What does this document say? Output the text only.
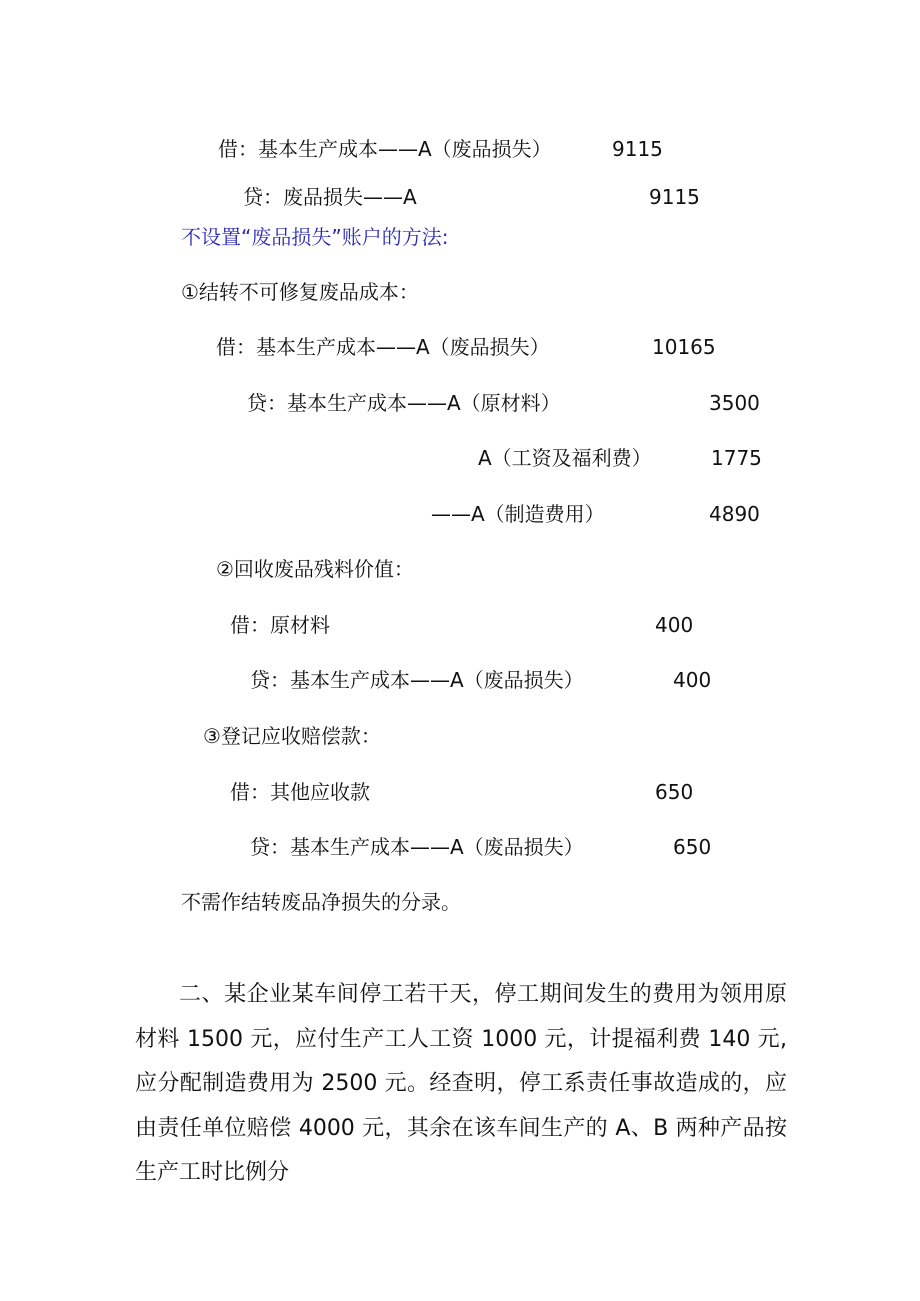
借：基本生产成本——A（废品损失）	9115
贷：废品损失——A	9115
不设置“废品损失”账户的方法:
①结转不可修复废品成本：
借：基本生产成本——A（废品损失）	10165
贷：基本生产成本——A（原材料）	3500
A（工资及福利费）	1775
——A（制造费用）	4890
②回收废品残料价值：
借：原材料	400
贷：基本生产成本——A（废品损失）	400
③登记应收赔偿款：
借：其他应收款	650
贷：基本生产成本——A（废品损失）	650
不需作结转废品净损失的分录。

二、某企业某车间停工若干天，停工期间发生的费用为领用原材料 1500 元，应付生产工人工资 1000 元，计提福利费 140 元,应分配制造费用为 2500 元。经查明，停工系责任事故造成的，应由责任单位赔偿 4000 元，其余在该车间生产的 A、B 两种产品按生产工时比例分
